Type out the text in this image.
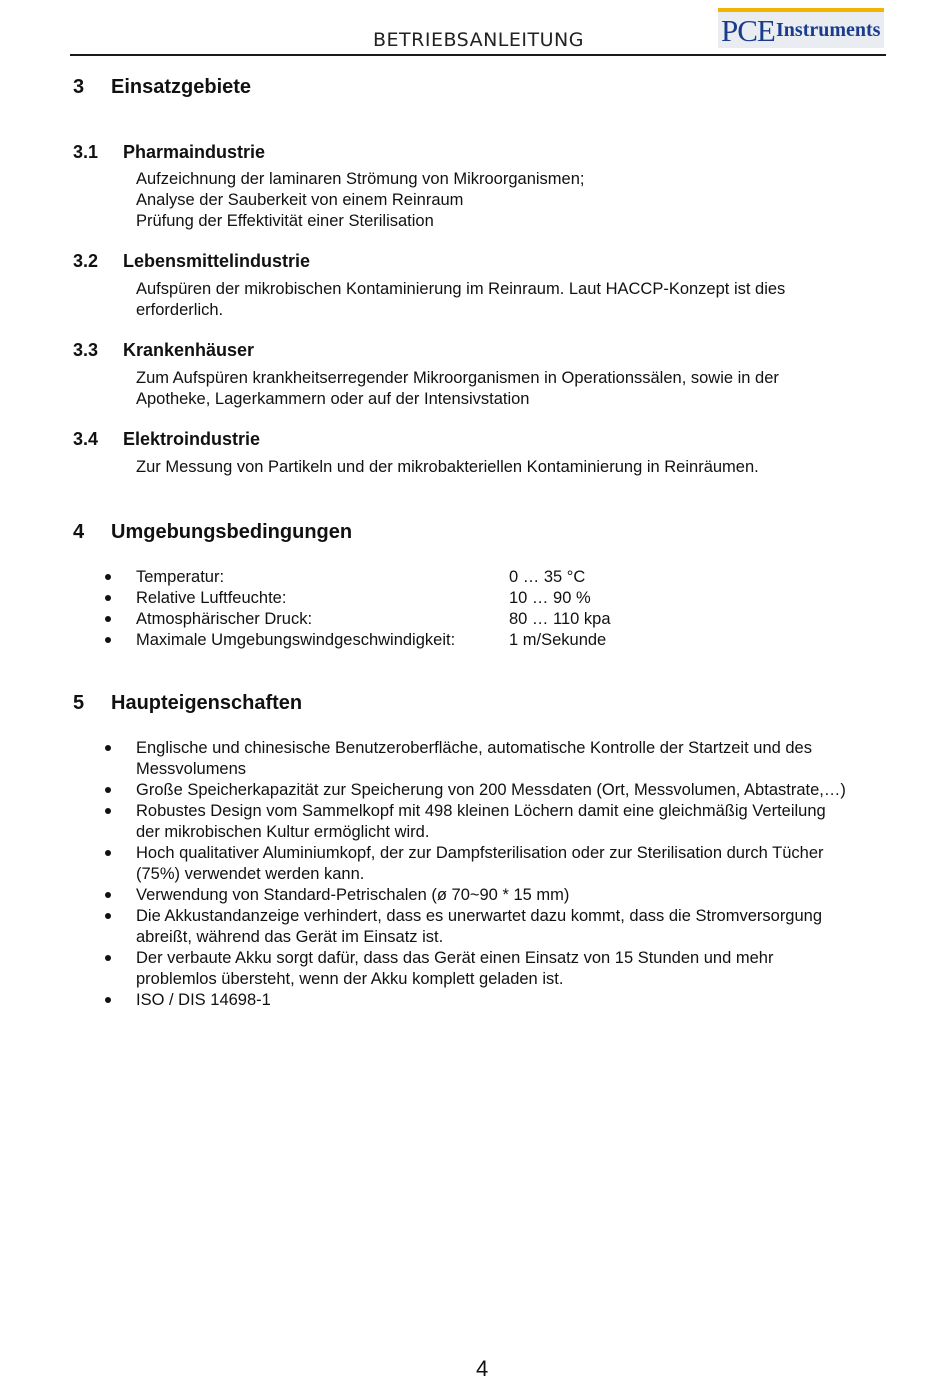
BETRIEBSANLEITUNG	PCE Instruments
3 Einsatzgebiete
3.1 Pharmaindustrie
Aufzeichnung der laminaren Strömung von Mikroorganismen;
Analyse der Sauberkeit von einem Reinraum
Prüfung der Effektivität einer Sterilisation
3.2 Lebensmittelindustrie
Aufspüren der mikrobischen Kontaminierung im Reinraum. Laut HACCP-Konzept ist dies
erforderlich.
3.3 Krankenhäuser
Zum Aufspüren krankheitserregender Mikroorganismen in Operationssälen, sowie in der
Apotheke, Lagerkammern oder auf der Intensivstation
3.4 Elektroindustrie
Zur Messung von Partikeln und der mikrobakteriellen Kontaminierung in Reinräumen.
4 Umgebungsbedingungen
Temperatur:	0 … 35 °C
Relative Luftfeuchte:	10 … 90 %
Atmosphärischer Druck:	80 … 110 kpa
Maximale Umgebungswindgeschwindigkeit:	1 m/Sekunde
5 Haupteigenschaften
Englische und chinesische Benutzeroberfläche, automatische Kontrolle der Startzeit und des
Messvolumens
Große Speicherkapazität zur Speicherung von 200 Messdaten (Ort, Messvolumen, Abtastrate,…)
Robustes Design vom Sammelkopf mit 498 kleinen Löchern damit eine gleichmäßig Verteilung
der mikrobischen Kultur ermöglicht wird.
Hoch qualitativer Aluminiumkopf, der zur Dampfsterilisation oder zur Sterilisation durch Tücher
(75%) verwendet werden kann.
Verwendung von Standard-Petrischalen (ø 70~90 * 15 mm)
Die Akkustandanzeige verhindert, dass es unerwartet dazu kommt, dass die Stromversorgung
abreißt, während das Gerät im Einsatz ist.
Der verbaute Akku sorgt dafür, dass das Gerät einen Einsatz von 15 Stunden und mehr
problemlos übersteht, wenn der Akku komplett geladen ist.
ISO / DIS 14698-1
4
